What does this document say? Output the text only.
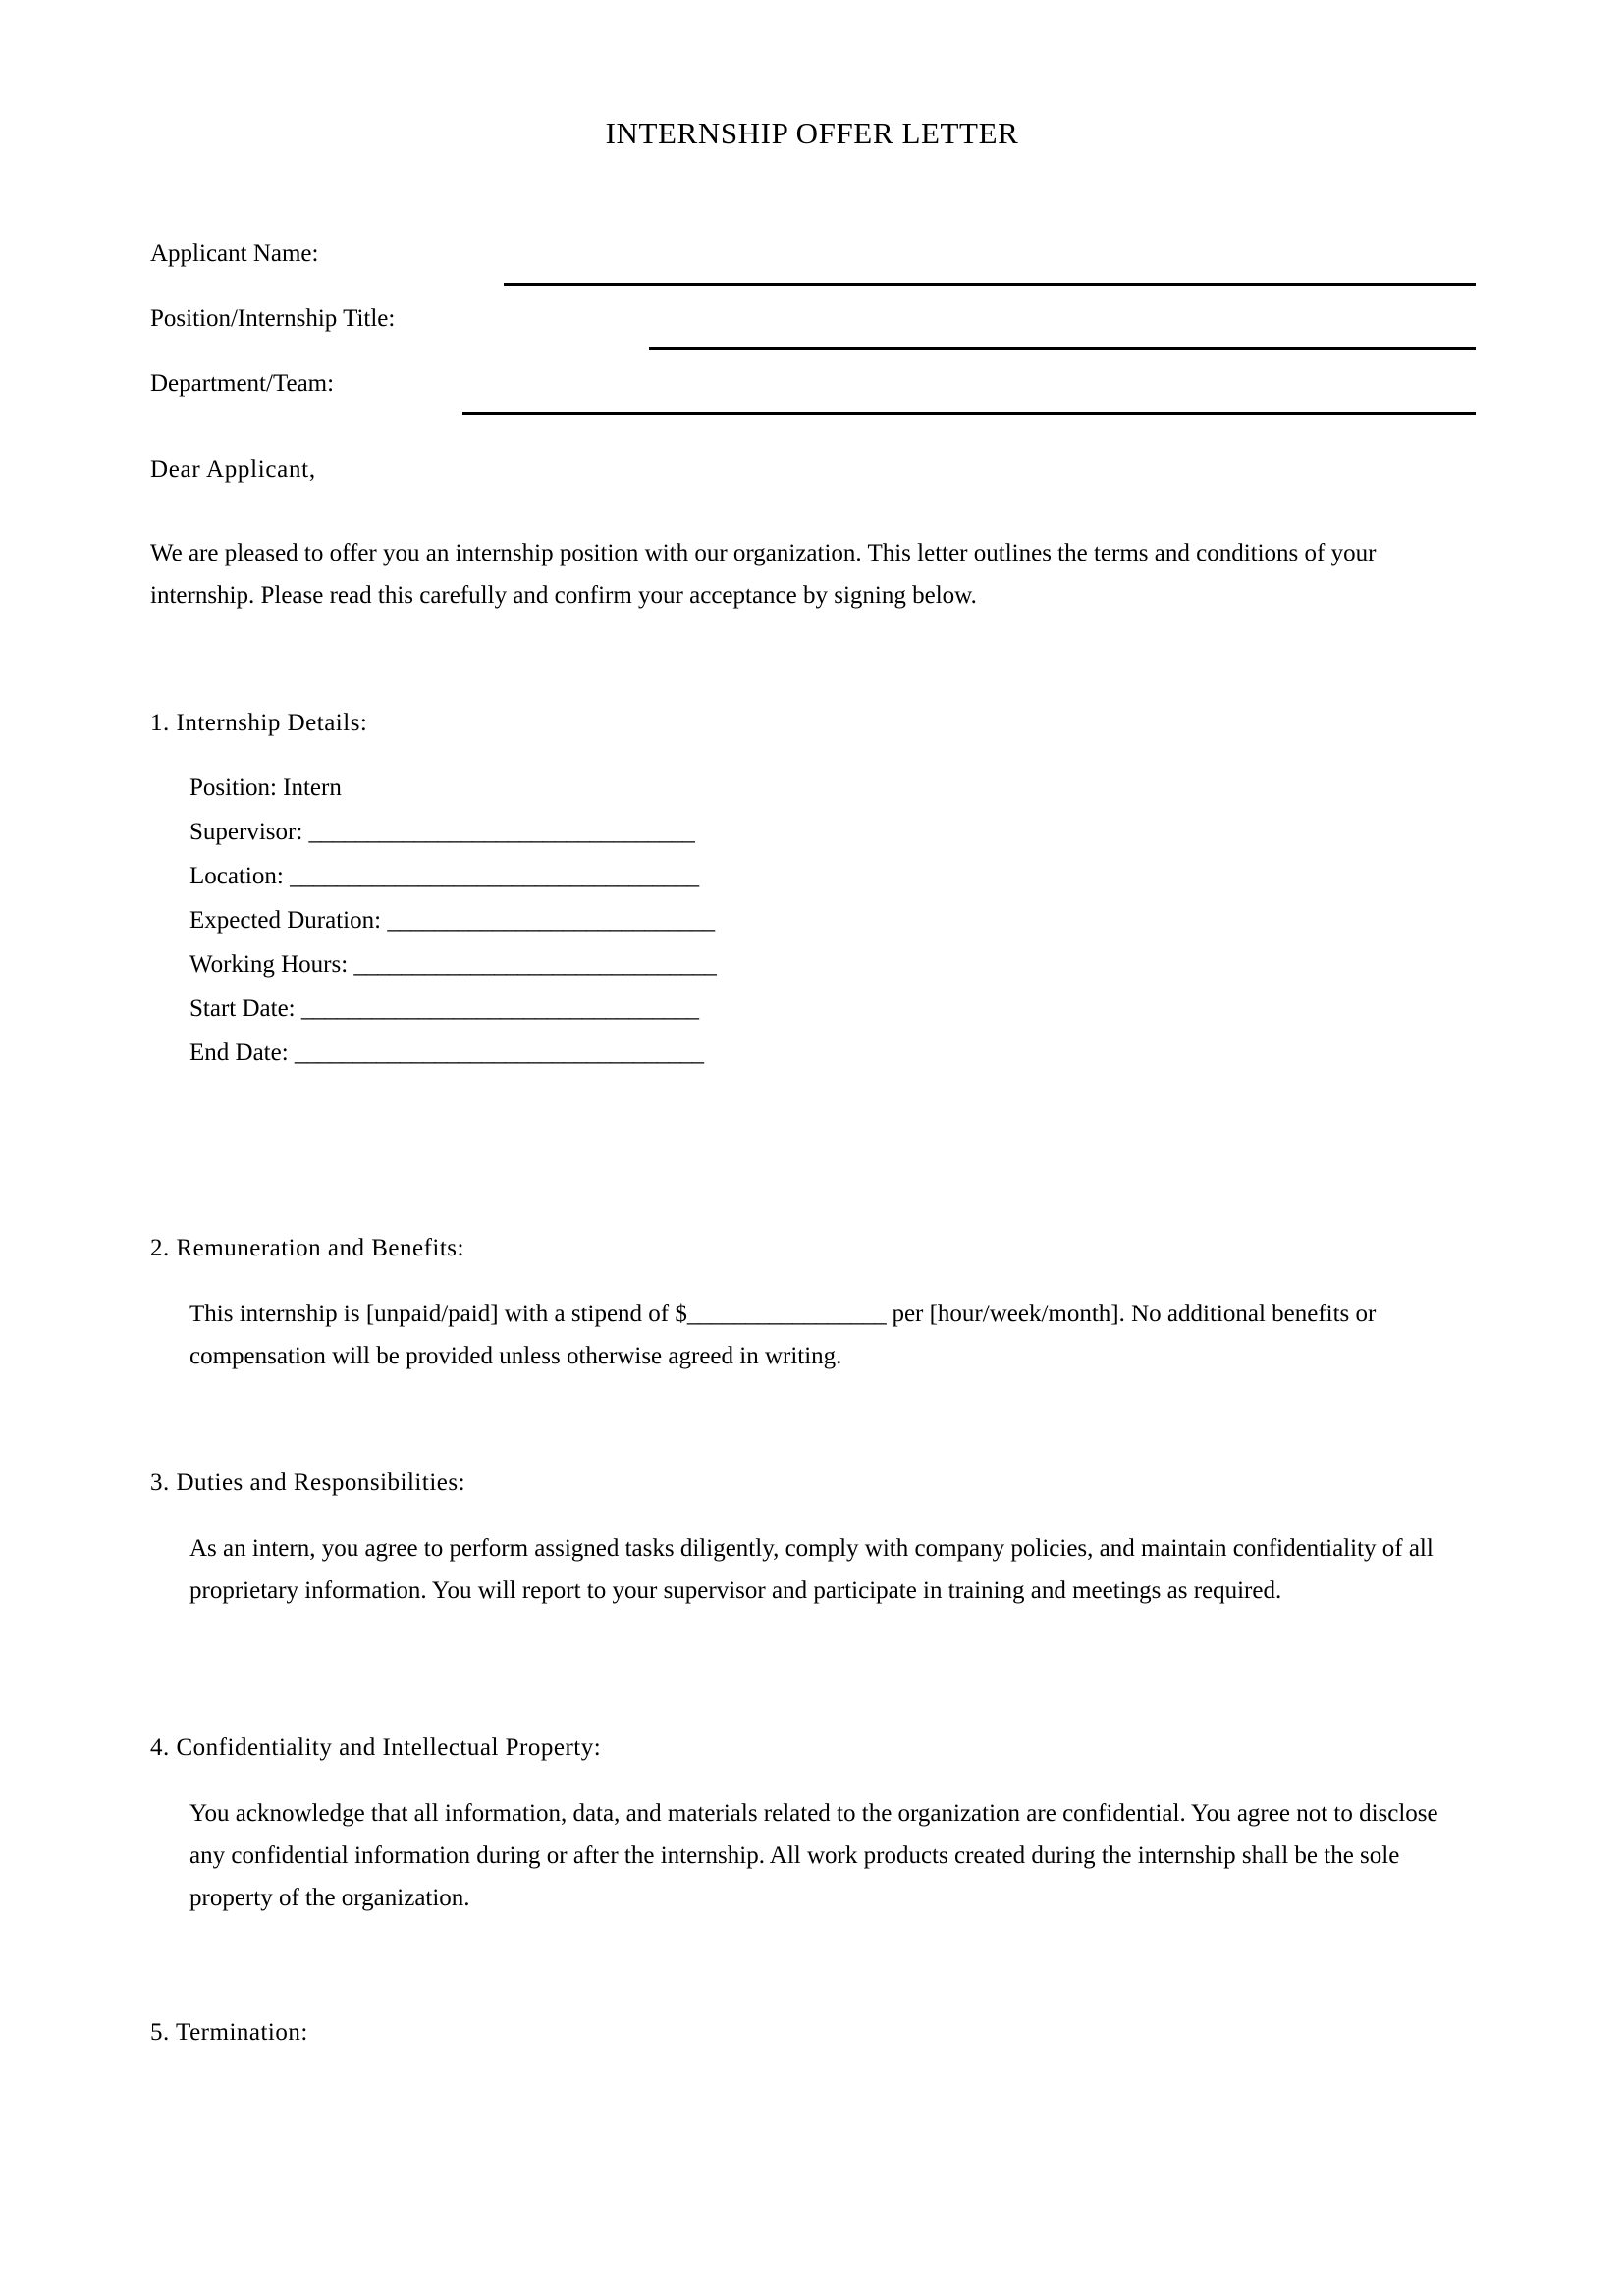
INTERNSHIP OFFER LETTER
Applicant Name:
Position/Internship Title:
Department/Team:
Dear Applicant,
We are pleased to offer you an internship position with our organization. This letter outlines the terms and conditions of your internship. Please read this carefully and confirm your acceptance by signing below.
1. Internship Details:
Position: Intern
Supervisor: _________________________________
Location: ___________________________________
Expected Duration: ____________________________
Working Hours: _______________________________
Start Date: __________________________________
End Date: ___________________________________
2. Remuneration and Benefits:
This internship is [unpaid/paid] with a stipend of $_________________ per [hour/week/month]. No additional benefits or compensation will be provided unless otherwise agreed in writing.
3. Duties and Responsibilities:
As an intern, you agree to perform assigned tasks diligently, comply with company policies, and maintain confidentiality of all proprietary information. You will report to your supervisor and participate in training and meetings as required.
4. Confidentiality and Intellectual Property:
You acknowledge that all information, data, and materials related to the organization are confidential. You agree not to disclose any confidential information during or after the internship. All work products created during the internship shall be the sole property of the organization.
5. Termination:
